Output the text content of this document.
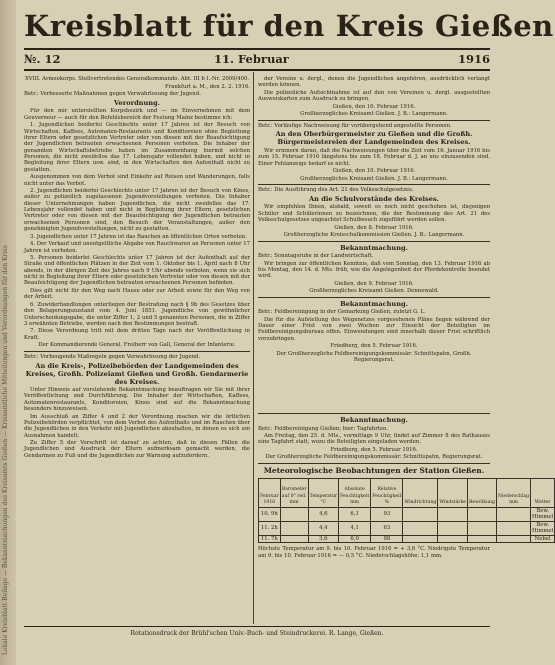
Lokale Kreisblatt-Beilage — Bekanntmachungen des Kreisamts Gießen — Kreisamtliche Mitteilungen und Verordnungen für den Kreis
Kreisblatt für den Kreis Gießen
№. 12	11. Februar	1916

XVIII. Armeekorps. Stellvertretendes Generalkommando. Abt. III b I.-Nr. 2009/400.

Frankfurt a. M., den 2. 2. 1916.

Betr.: Verbesserte Maßnahmen gegen Verwahrlosung der Jugend.

Verordnung.

Für den mir unterstellten Korpsbezirk und — im Einvernehmen mit dem Gouverneur — auch für den Befehlsbereich der Festung Mainz bestimme ich:

1. Jugendlichen beiderlei Geschlechts unter 17 Jahren ist der Besuch von Wirtschaften, Kaffees, Automaten-Restaurants und Konditoreien ohne Begleitung ihrer Eltern oder gesetzlichen Vertreter oder von diesen mit der Beaufsichtigung der Jugendlichen betrauten erwachsenen Personen verboten. Die Inhaber der genannten Wirtschaftsbetriebe haben im Zusammenhang hiermit solchen Personen, die nicht zweifellos das 17. Lebensjahr vollendet haben, und nicht in Begleitung ihrer Eltern usw. sind, in den Wirtschaften den Aufenthalt nicht zu gestatten.

Ausgenommen von dem Verbot sind Einkehr auf Reisen und Wanderungen, falls nicht unter das Verbot.

2. Jugendlichen beiderlei Geschlechts unter 17 Jahren ist der Besuch von Kinos, außer zu polizeilich zugelassenen Jugendvorstellungen verboten. Die Inhaber dieser Unternehmungen haben Jugendlichen, die nicht zweifellos das 17. Lebensjahr vollendet haben und nicht in Begleitung ihrer Eltern, gesetzlichen Vertreter oder von diesen mit der Beaufsichtigung der Jugendlichen betrauten erwachsenen Personen sind, den Besuch der Veranstaltungen, außer den genehmigten Jugendvorstellungen, nicht zu gestatten.

3. Jugendlichen unter 17 Jahren ist das Rauchen an öffentlichen Orten verboten.

4. Der Verkauf und unentgeltliche Abgabe von Rauchwaren an Personen unter 17 Jahren ist verboten.

5. Personen beiderlei Geschlechts unter 17 Jahren ist der Aufenthalt auf der Straße und öffentlichen Plätzen in der Zeit vom 1. Oktober bis 1. April nach 8 Uhr abends, in der übrigen Zeit des Jahres nach 9 Uhr abends verboten, wenn sie sich nicht in Begleitung ihrer Eltern oder gesetzlichen Vertreter oder von diesen mit der Beaufsichtigung der Jugendlichen betrauten erwachsenen Personen befinden.

Dies gilt nicht für den Weg nach Hause oder zur Arbeit sowie für den Weg von der Arbeit.

6. Zuwiderhandlungen unterliegen der Bestrafung nach § 9b des Gesetzes über den Belagerungszustand vom 4. Juni 1851. Jugendliche von gewöhnlicher Unterscheidungsgabe, die unter Ziffer 1, 2 und 5 genannten Personen, die in Ziffer 3 erwähnten Betriebe, werden nach den Bestimmungen bestraft.

7. Diese Verordnung tritt mit dem dritten Tage nach der Veröffentlichung in Kraft.

Der Kommandierende General. Freiherr von Gall, General der Infanterie.

Betr.: Vorbeugende Maßregeln gegen Verwahrlosung der Jugend.

An die Kreis-, Polizeibehörden der Landgemeinden des Kreises, Großh. Polizeiamt Gießen und Großh. Gendarmerie des Kreises.

Unter Hinweis auf vorstehende Bekanntmachung beauftragen wir Sie mit ihrer Veröffentlichung und Durchführung. Die Inhaber der Wirtschaften, Kaffees, Automatenrestaurants, Konditoreien, Kinos sind auf die Bekanntmachung besonders hinzuweisen.

Im Ausschluß an Ziffer 4 und 2 der Verordnung machen wir die örtlichen Polizeibehörden verpflichtet, von dem Verbot des Aufenthalts und im Rauchen über die Jugendlichen in den Verkehr mit Jugendlichen abzuhalten, in denen es sich um Ausnahmen handelt.

Zu Ziffer 5 der Vorschrift ist darauf zu achten, daß in diesen Fällen die Jugendlichen und Ausdruck der Eltern aufmerksam gemacht werden, die Gendarmen zu Fuß und die Jugendlichen zur Warnung aufzufordern.

der Vereine u. dergl., denen die Jugendlichen angehören, ausdrücklich verlangt werden können.

Die polizeiliche Aufsichtnahme ist auf den von Vereinen u. dergl. ausgestellten Ausweiskarten zum Ausdruck zu bringen.

Gießen, den 10. Februar 1916.

Großherzogliches Kreisamt Gießen. J. B.: Langermann.

Betr.: Vorläufige Nachweisung für vorübergehend angestellte Personen.

An den Oberbürgermeister zu Gießen und die Großh. Bürgermeistereien der Landgemeinden des Kreises.

Wir erinnern daran, daß die Nachweisungen über die Zeit vom 16. Januar 1916 bis zum 15. Februar 1916 längstens bis zum 18. Februar d. J. an uns einzusenden sind. Einer Fehlanzeige bedarf es nicht.

Gießen, den 10. Februar 1916.

Großherzogliches Kreisamt Gießen. J. B.: Langermann.

Betr.: Die Ausführung des Art. 21 des Volksschulgesetzes.

An die Schulvorstände des Kreises.

Wir empfehlen Ihnen, alsbald, soweit es noch nicht geschehen ist, diejenigen Schüler und Schülerinnen zu bezeichnen, die der Bestimmung des Art. 21 des Volksschulgesetzes ungeachtet Schulbesuch zugeführt werden sollen.

Gießen, den 8. Februar 1916.

Großherzogliche Kreisschulkommission Gießen. J. B.: Langermann.

Bekanntmachung.

Betr.: Sonntagsruhe in der Landwirtschaft.

Wir bringen zur öffentlichen Kenntnis, daß vom Sonntag, den 13. Februar 1916 ab bis Montag, den 14. d. Mts. früh, wie die Angelegenheit der Pferdekontrolle beendet wird.

Gießen, den 9. Februar 1916.

Großherzogliches Kreisamt Gießen. Dennewald.

Bekanntmachung.

Betr.: Feldbereinigung in der Gemarkung Gießen, zuletzt G. L.

Die für die Aufstellung des Wegenetzes vorgesehenen Pläne liegen während der Dauer einer Frist von zwei Wochen zur Einsicht der Beteiligten im Feldbereinigungsbureau offen. Einwendungen sind innerhalb dieser Frist schriftlich vorzubringen.

Friedberg, den 5. Februar 1916.

Der Großherzogliche Feldbereinigungskommissär: Schnittspahn, Großh. Regierungsrat.

Bekanntmachung.

Betr.: Feldbereinigung Gießen; hier: Tagfahrten.

Am Freitag, den 25. d. Mts., vormittags 9 Uhr, findet auf Zimmer 8 des Rathauses eine Tagfahrt statt, wozu die Beteiligten eingeladen werden.

Friedberg, den 5. Februar 1916.

Der Großherzogliche Feldbereinigungskommissär: Schnittspahn, Regierungsrat.

Meteorologische Beobachtungen der Station Gießen.
Februar 1916	Barometer auf 0° red. mm	Temperatur °C	Absolute Feuchtigkeit mm	Relative Feuchtigkeit %	Windrichtung	Windstärke	Bewölkung	Niederschlag mm	Wetter
10. 9h		4,6	6,1	93					Bew. Himmel
11. 2h		4,4	4,1	63					Bew. Himmel
11. 7h		3,6	6,0	98					Nebel

Höchste Temperatur am 9. bis 10. Februar 1916 = + 3,6 °C. Niedrigste Temperatur am 9. bis 10. Februar 1916 = — 0,5 °C. Niederschlagshöhe: 1,1 mm.

Rotationsdruck der Brühl'schen Univ.-Buch- und Steindruckerei. R. Lange, Gießen.
